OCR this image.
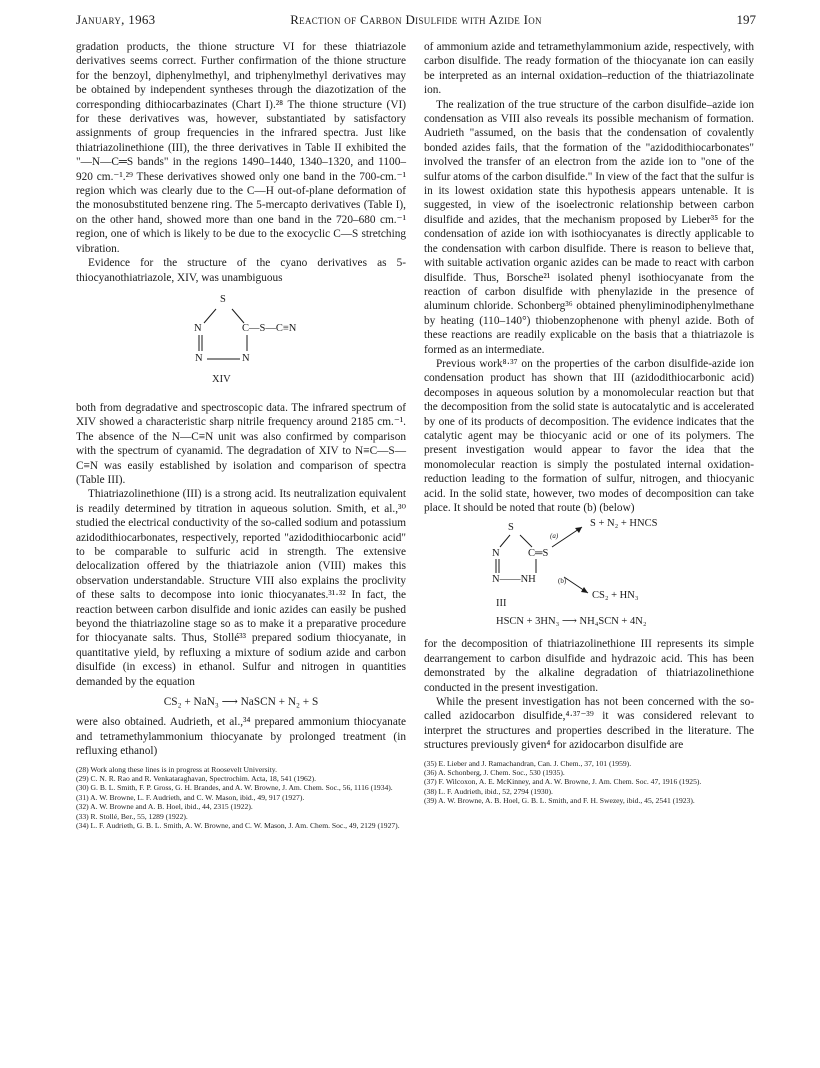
January, 1963	Reaction of Carbon Disulfide with Azide Ion	197

gradation products, the thione structure VI for these thiatriazole derivatives seems correct. Further confirmation of the thione structure for the benzoyl, diphenylmethyl, and triphenylmethyl derivatives may be obtained by independent syntheses through the diazotization of the corresponding dithiocarbazinates (Chart I).²⁸ The thione structure (VI) for these derivatives was, however, substantiated by satisfactory assignments of group frequencies in the infrared spectra. Just like thiatriazolinethione (III), the three derivatives in Table II exhibited the "—N—C═S bands" in the regions 1490–1440, 1340–1320, and 1100–920 cm.⁻¹.²⁹ These derivatives showed only one band in the 700-cm.⁻¹ region which was clearly due to the C—H out-of-plane deformation of the monosubstituted benzene ring. The 5-mercapto derivatives (Table I), on the other hand, showed more than one band in the 720–680 cm.⁻¹ region, one of which is likely to be due to the exocyclic C—S stretching vibration.

Evidence for the structure of the cyano derivatives as 5-thiocyanothiatriazole, XIV, was unambiguous

S
N	C—S—C≡N
N	N
XIV

both from degradative and spectroscopic data. The infrared spectrum of XIV showed a characteristic sharp nitrile frequency around 2185 cm.⁻¹. The absence of the N—C≡N unit was also confirmed by comparison with the spectrum of cyanamid. The degradation of XIV to N≡C—S—C≡N was easily established by isolation and comparison of spectra (Table III).

Thiatriazolinethione (III) is a strong acid. Its neutralization equivalent is readily determined by titration in aqueous solution. Smith, et al.,³⁰ studied the electrical conductivity of the so-called sodium and potassium azidodithiocarbonates, respectively, reported "azidodithiocarbonic acid" to be comparable to sulfuric acid in strength. The extensive delocalization offered by the thiatriazole anion (VIII) makes this observation understandable. Structure VIII also explains the proclivity of these salts to decompose into ionic thiocyanates.³¹·³² In fact, the reaction between carbon disulfide and ionic azides can easily be pushed beyond the thiatriazoline stage so as to make it a preparative procedure for thiocyanate salts. Thus, Stollé³³ prepared sodium thiocyanate, in quantitative yield, by refluxing a mixture of sodium azide and carbon disulfide (in excess) in ethanol. Sulfur and nitrogen in quantities demanded by the equation

CS₂ + NaN₃ ⟶ NaSCN + N₂ + S

were also obtained. Audrieth, et al.,³⁴ prepared ammonium thiocyanate and tetramethylammonium thiocyanate by prolonged treatment (in refluxing ethanol)

(28) Work along these lines is in progress at Roosevelt University.

(29) C. N. R. Rao and R. Venkataraghavan, Spectrochim. Acta, 18, 541 (1962).

(30) G. B. L. Smith, F. P. Gross, G. H. Brandes, and A. W. Browne, J. Am. Chem. Soc., 56, 1116 (1934).

(31) A. W. Browne, L. F. Audrieth, and C. W. Mason, ibid., 49, 917 (1927).

(32) A. W. Browne and A. B. Hoel, ibid., 44, 2315 (1922).

(33) R. Stollé, Ber., 55, 1289 (1922).

(34) L. F. Audrieth, G. B. L. Smith, A. W. Browne, and C. W. Mason, J. Am. Chem. Soc., 49, 2129 (1927).

of ammonium azide and tetramethylammonium azide, respectively, with carbon disulfide. The ready formation of the thiocyanate ion can easily be interpreted as an internal oxidation–reduction of the thiatriazolinate ion.

The realization of the true structure of the carbon disulfide–azide ion condensation as VIII also reveals its possible mechanism of formation. Audrieth "assumed, on the basis that the condensation of covalently bonded azides fails, that the formation of the "azidodithiocarbonates" involved the transfer of an electron from the azide ion to "one of the sulfur atoms of the carbon disulfide." In view of the fact that the sulfur is in its lowest oxidation state this hypothesis appears untenable. It is suggested, in view of the isoelectronic relationship between carbon disulfide and azides, that the mechanism proposed by Lieber³⁵ for the condensation of azide ion with isothiocyanates is directly applicable to the condensation with carbon disulfide. There is reason to believe that, with suitable activation organic azides can be made to react with carbon disulfide. Thus, Borsche²¹ isolated phenyl isothiocyanate from the reaction of carbon disulfide with phenylazide in the presence of aluminum chloride. Schonberg³⁶ obtained phenyliminodiphenylmethane by heating (110–140°) thiobenzophenone with phenyl azide. Both of these reactions are readily explicable on the basis that a thiatriazole is formed as an intermediate.

Previous work⁸·³⁷ on the properties of the carbon disulfide-azide ion condensation product has shown that III (azidodithiocarbonic acid) decomposes in aqueous solution by a monomolecular reaction but that the decomposition from the solid state is autocatalytic and is accelerated by one of its products of decomposition. The evidence indicates that the catalytic agent may be thiocyanic acid or one of its polymers. The present investigation would appear to favor the idea that the monomolecular reaction is simply the postulated internal oxidation-reduction leading to the formation of sulfur, nitrogen, and thiocyanic acid. In the solid state, however, two modes of decomposition can take place. It should be noted that route (b) (below)

S + N₂ + HNCS
(a)
S
N	C═S
N——NH	(b)
CS₂ + HN₃
III
HSCN + 3HN₃ ⟶ NH₄SCN + 4N₂

for the decomposition of thiatriazolinethione III represents its simple dearrangement to carbon disulfide and hydrazoic acid. This has been demonstrated by the alkaline degradation of thiatriazolinethione conducted in the present investigation.

While the present investigation has not been concerned with the so-called azidocarbon disulfide,⁴·³⁷⁻³⁹ it was considered relevant to interpret the structures and properties described in the literature. The structures previously given⁴ for azidocarbon disulfide are

(35) E. Lieber and J. Ramachandran, Can. J. Chem., 37, 101 (1959).

(36) A. Schonberg, J. Chem. Soc., 530 (1935).

(37) F. Wilcoxon, A. E. McKinney, and A. W. Browne, J. Am. Chem. Soc. 47, 1916 (1925).

(38) L. F. Audrieth, ibid., 52, 2794 (1930).

(39) A. W. Browne, A. B. Hoel, G. B. L. Smith, and F. H. Swezey, ibid., 45, 2541 (1923).
